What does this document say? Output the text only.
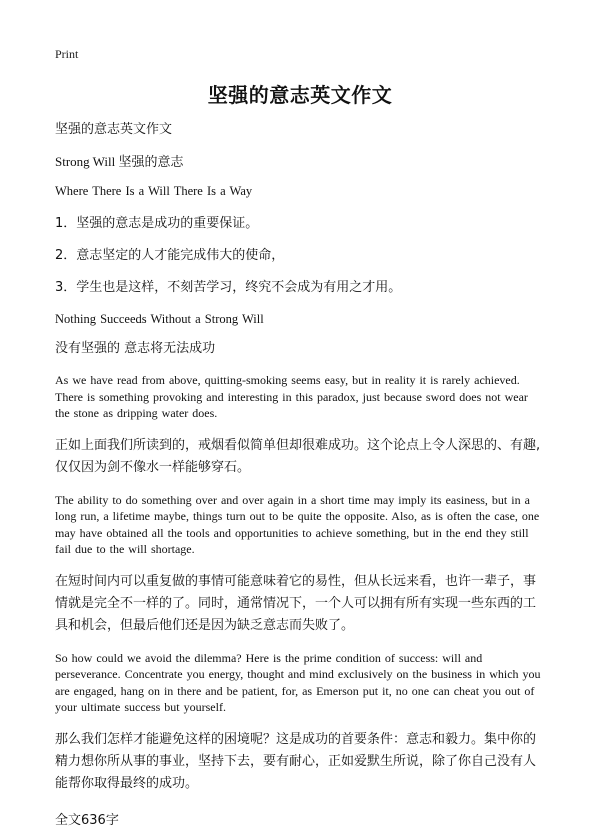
Print
坚强的意志英文作文

坚强的意志英文作文

Strong Will 坚强的意志

Where There Is a Will There Is a Way

1．坚强的意志是成功的重要保证。

2．意志坚定的人才能完成伟大的使命，

3．学生也是这样，不刻苦学习，终究不会成为有用之才用。

Nothing Succeeds Without a Strong Will

没有坚强的 意志将无法成功

As we have read from above, quitting-smoking seems easy, but in reality it is rarely achieved. There is something provoking and interesting in this paradox, just because sword does not wear the stone as dripping water does.

正如上面我们所读到的，戒烟看似简单但却很难成功。这个论点上令人深思的、有趣,仅仅因为剑不像水一样能够穿石。

The ability to do something over and over again in a short time may imply its easiness, but in a long run, a lifetime maybe, things turn out to be quite the opposite. Also, as is often the case, one may have obtained all the tools and opportunities to achieve something, but in the end they still fail due to the will shortage.

在短时间内可以重复做的事情可能意味着它的易性，但从长远来看，也许一辈子，事情就是完全不一样的了。同时，通常情况下，一个人可以拥有所有实现一些东西的工具和机会，但最后他们还是因为缺乏意志而失败了。

So how could we avoid the dilemma? Here is the prime condition of success: will and perseverance. Concentrate you energy, thought and mind exclusively on the business in which you are engaged, hang on in there and be patient, for, as Emerson put it, no one can cheat you out of your ultimate success but yourself.

那么我们怎样才能避免这样的困境呢？这是成功的首要条件：意志和毅力。集中你的精力想你所从事的事业，坚持下去，要有耐心，正如爱默生所说，除了你自己没有人能帮你取得最终的成功。

全文636字
